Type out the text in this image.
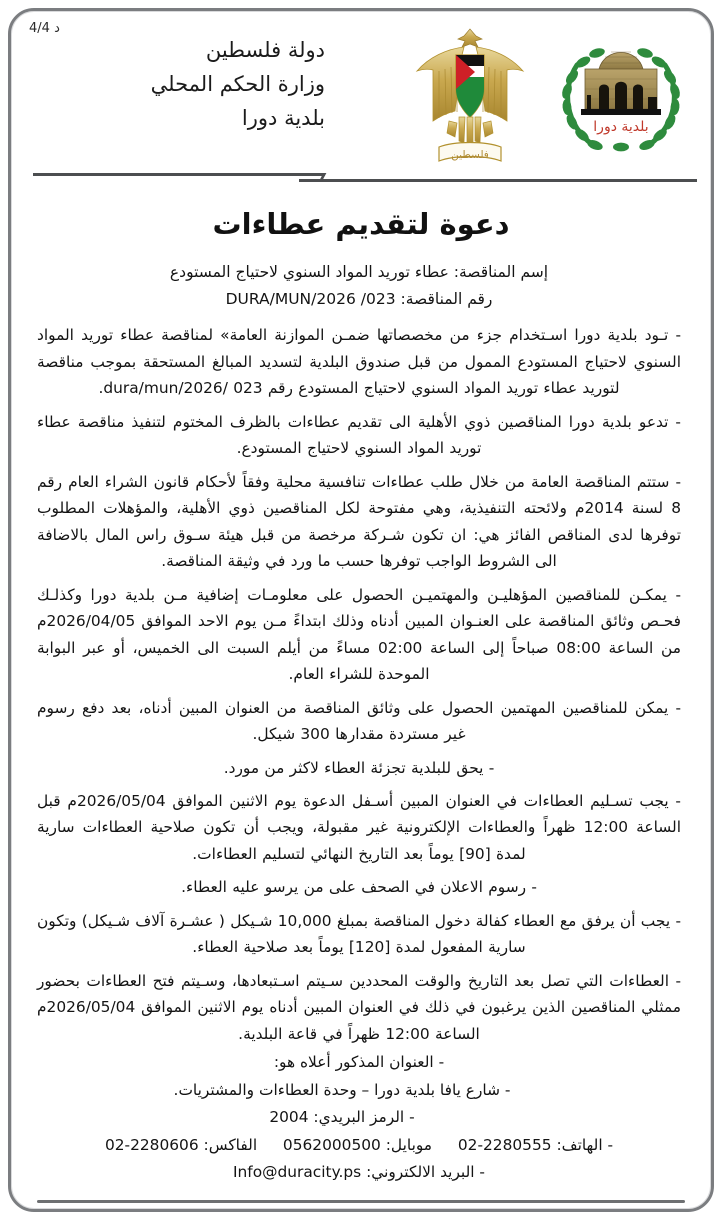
4/4 د
دولة فلسطين
وزارة الحكم المحلي
بلدية دورا
فلسطين
بلدية دورا
دعوة لتقديم عطاءات
إسم المناقصة: عطاء توريد المواد السنوي لاحتياج المستودع
رقم المناقصة: DURA/MUN/2026 /023
- تـود بلدية دورا اسـتخدام جزء من مخصصاتها ضمـن الموازنة العامة» لمناقصة عطاء توريد المواد السنوي لاحتياج المستودع الممول من قبل صندوق البلدية لتسديد المبالغ المستحقة بموجب مناقصة لتوريد عطاء توريد المواد السنوي لاحتياج المستودع رقم 023 /dura/mun/2026.
- تدعو بلدية دورا المناقصين ذوي الأهلية الى تقديم عطاءات بالظرف المختوم لتنفيذ مناقصة عطاء توريد المواد السنوي لاحتياج المستودع.
- ستتم المناقصة العامة من خلال طلب عطاءات تنافسية محلية وفقاً لأحكام قانون الشراء العام رقم 8 لسنة 2014م ولائحته التنفيذية، وهي مفتوحة لكل المناقصين ذوي الأهلية، والمؤهلات المطلوب توفرها لدى المناقص الفائز هي: ان تكون شـركة مرخصة من قبل هيئة سـوق راس المال بالاضافة الى الشروط الواجب توفرها حسب ما ورد في وثيقة المناقصة.
- يمكـن للمناقصين المؤهليـن والمهتميـن الحصول على معلومـات إضافية مـن بلدية دورا وكذلـك فحـص وثائق المناقصة على العنـوان المبين أدناه وذلك ابتداءً مـن يوم الاحد الموافق 2026/04/05م من الساعة 08:00 صباحاً إلى الساعة 02:00 مساءً من أيلم السبت الى الخميس، أو عبر البوابة الموحدة للشراء العام.
- يمكن للمناقصين المهتمين الحصول على وثائق المناقصة من العنوان المبين أدناه، بعد دفع رسوم غير مستردة مقدارها 300 شيكل.
- يحق للبلدية تجزئة العطاء لاكثر من مورد.
- يجب تسـليم العطاءات في العنوان المبين أسـفل الدعوة يوم الاثنين الموافق 2026/05/04م قبل الساعة 12:00 ظهراً والعطاءات الإلكترونية غير مقبولة، ويجب أن تكون صلاحية العطاءات سارية لمدة [90] يوماً بعد التاريخ النهائي لتسليم العطاءات.
- رسوم الاعلان في الصحف على من يرسو عليه العطاء.
- يجب أن يرفق مع العطاء كفالة دخول المناقصة بمبلغ 10,000 شـيكل ( عشـرة آلاف شـيكل) وتكون سارية المفعول لمدة [120] يوماً بعد صلاحية العطاء.
- العطاءات التي تصل بعد التاريخ والوقت المحددين سـيتم اسـتبعادها، وسـيتم فتح العطاءات بحضور ممثلي المناقصين الذين يرغبون في ذلك في العنوان المبين أدناه يوم الاثنين الموافق 2026/05/04م الساعة 12:00 ظهراً في قاعة البلدية.
- العنوان المذكور أعلاه هو:
- شارع يافا بلدية دورا – وحدة العطاءات والمشتريات.
- الرمز البريدي: 2004
- الهاتف: 02-2280555  موبايل: 0562000500  الفاكس: 02-2280606
- البريد الالكتروني: Info@duracity.ps
